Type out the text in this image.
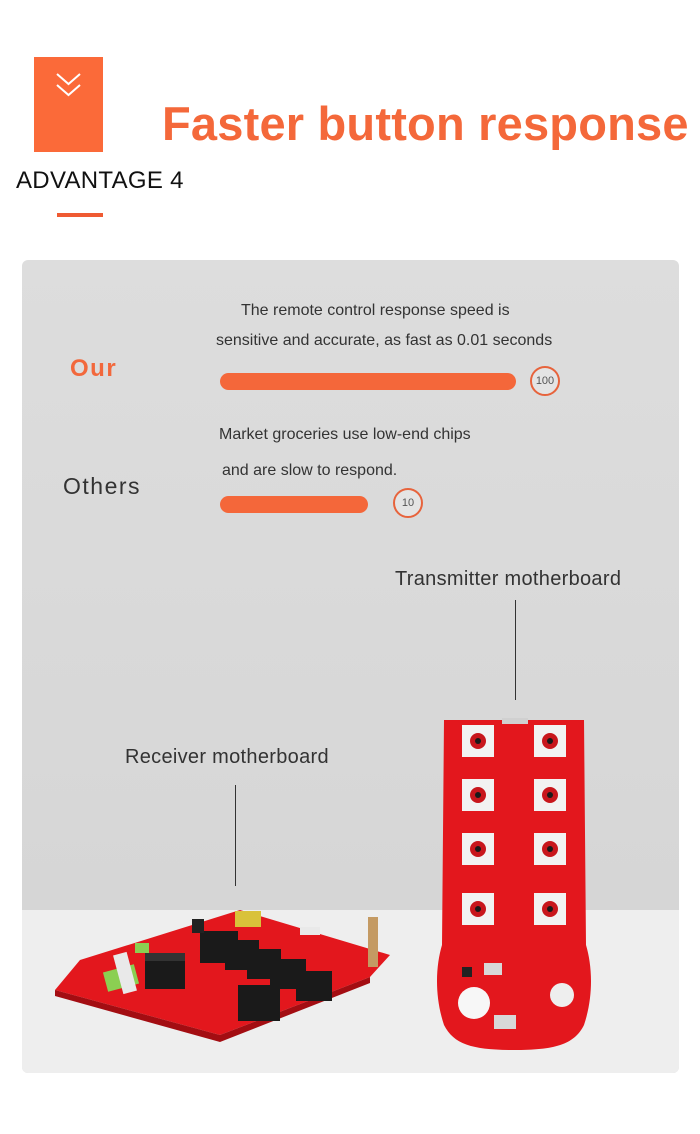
Faster button response
ADVANTAGE 4
Our
The remote control response speed is
sensitive and accurate, as fast as 0.01 seconds
100
Others
Market groceries use low-end chips
and are slow to respond.
10
Transmitter motherboard
Receiver motherboard
